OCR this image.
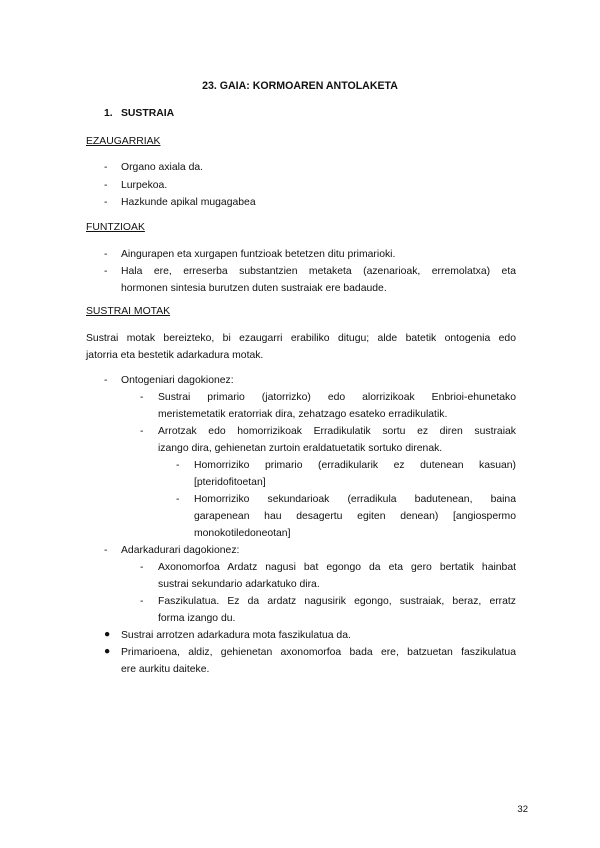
23. GAIA: KORMOAREN ANTOLAKETA
1. SUSTRAIA
EZAUGARRIAK
- Organo axiala da.
- Lurpekoa.
- Hazkunde apikal mugagabea
FUNTZIOAK
- Aingurapen eta xurgapen funtzioak betetzen ditu primarioki.
- Hala ere, erreserba substantzien metaketa (azenarioak, erremolatxa) eta
hormonen sintesia burutzen duten sustraiak ere badaude.
SUSTRAI MOTAK
Sustrai motak bereizteko, bi ezaugarri erabiliko ditugu; alde batetik ontogenia edo
jatorria eta bestetik adarkadura motak.
- Ontogeniari dagokionez:
- Sustrai primario (jatorrizko) edo alorrizikoak Enbrioi-ehunetako
meristemetatik eratorriak dira, zehatzago esateko erradikulatik.
- Arrotzak edo homorrizikoak Erradikulatik sortu ez diren sustraiak
izango dira, gehienetan zurtoin eraldatuetatik sortuko direnak.
- Homorriziko primario (erradikularik ez dutenean kasuan)
[pteridofitoetan]
- Homorriziko sekundarioak (erradikula badutenean, baina
garapenean hau desagertu egiten denean) [angiospermo
monokotiledoneotan]
- Adarkadurari dagokionez:
- Axonomorfoa Ardatz nagusi bat egongo da eta gero bertatik hainbat
sustrai sekundario adarkatuko dira.
- Faszikulatua. Ez da ardatz nagusirik egongo, sustraiak, beraz, erratz
forma izango du.
● Sustrai arrotzen adarkadura mota faszikulatua da.
● Primarioena, aldiz, gehienetan axonomorfoa bada ere, batzuetan faszikulatua
ere aurkitu daiteke.
32
